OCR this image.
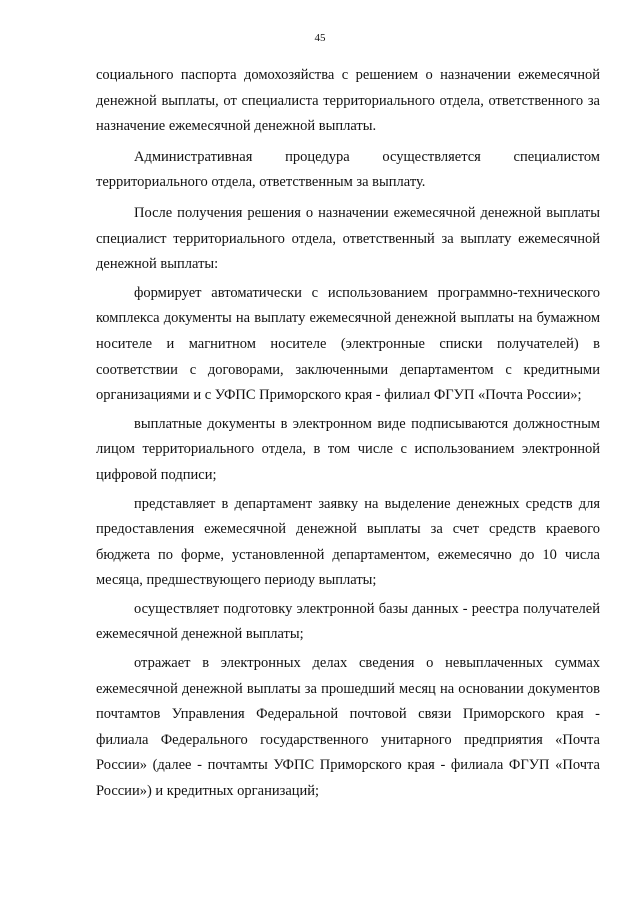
45

социального паспорта домохозяйства с решением о назначении ежемесячной денежной выплаты, от специалиста территориального отдела, ответственного за назначение ежемесячной денежной выплаты.

Административная процедура осуществляется специалистом территориального отдела, ответственным за выплату.

После получения решения о назначении ежемесячной денежной выплаты специалист территориального отдела, ответственный за выплату ежемесячной денежной выплаты:

формирует автоматически с использованием программно-технического комплекса документы на выплату ежемесячной денежной выплаты на бумажном носителе и магнитном носителе (электронные списки получателей) в соответствии с договорами, заключенными департаментом с кредитными организациями и с УФПС Приморского края - филиал ФГУП «Почта России»;

выплатные документы в электронном виде подписываются должностным лицом территориального отдела, в том числе с использованием электронной цифровой подписи;

представляет в департамент заявку на выделение денежных средств для предоставления ежемесячной денежной выплаты за счет средств краевого бюджета по форме, установленной департаментом, ежемесячно до 10 числа месяца, предшествующего периоду выплаты;

осуществляет подготовку электронной базы данных - реестра получателей ежемесячной денежной выплаты;

отражает в электронных делах сведения о невыплаченных суммах ежемесячной денежной выплаты за прошедший месяц на основании документов почтамтов Управления Федеральной почтовой связи Приморского края - филиала Федерального государственного унитарного предприятия «Почта России» (далее - почтамты УФПС Приморского края - филиала ФГУП «Почта России») и кредитных организаций;
